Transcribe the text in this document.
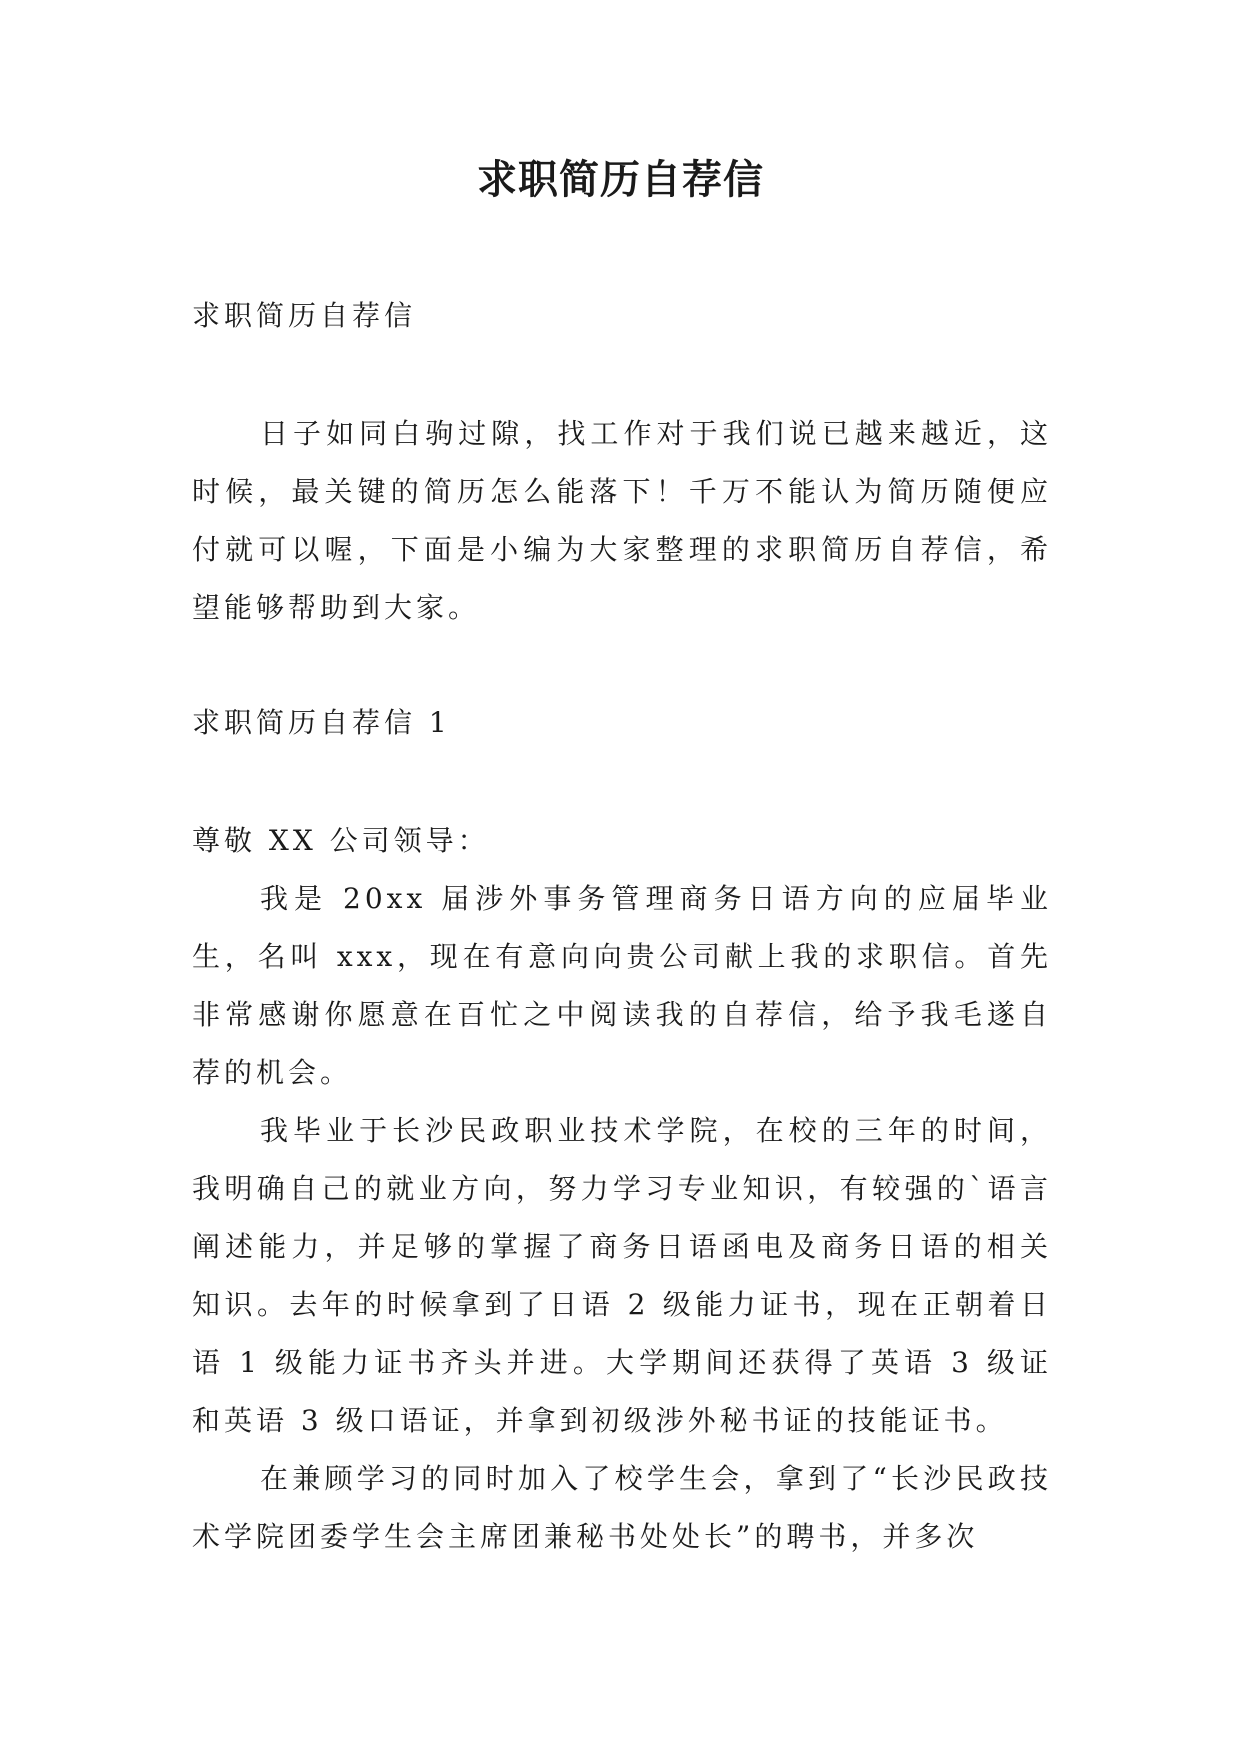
求职简历自荐信

求职简历自荐信

日子如同白驹过隙，找工作对于我们说已越来越近，这时候，最关键的简历怎么能落下！千万不能认为简历随便应付就可以喔，下面是小编为大家整理的求职简历自荐信，希望能够帮助到大家。

求职简历自荐信 1

尊敬 XX 公司领导：

我是 20xx 届涉外事务管理商务日语方向的应届毕业生，名叫 xxx，现在有意向向贵公司献上我的求职信。首先非常感谢你愿意在百忙之中阅读我的自荐信，给予我毛遂自荐的机会。

我毕业于长沙民政职业技术学院，在校的三年的时间，我明确自己的就业方向，努力学习专业知识，有较强的`语言阐述能力，并足够的掌握了商务日语函电及商务日语的相关知识。去年的时候拿到了日语 2 级能力证书，现在正朝着日语 1 级能力证书齐头并进。大学期间还获得了英语 3 级证和英语 3 级口语证，并拿到初级涉外秘书证的技能证书。

在兼顾学习的同时加入了校学生会，拿到了“长沙民政技术学院团委学生会主席团兼秘书处处长”的聘书，并多次
